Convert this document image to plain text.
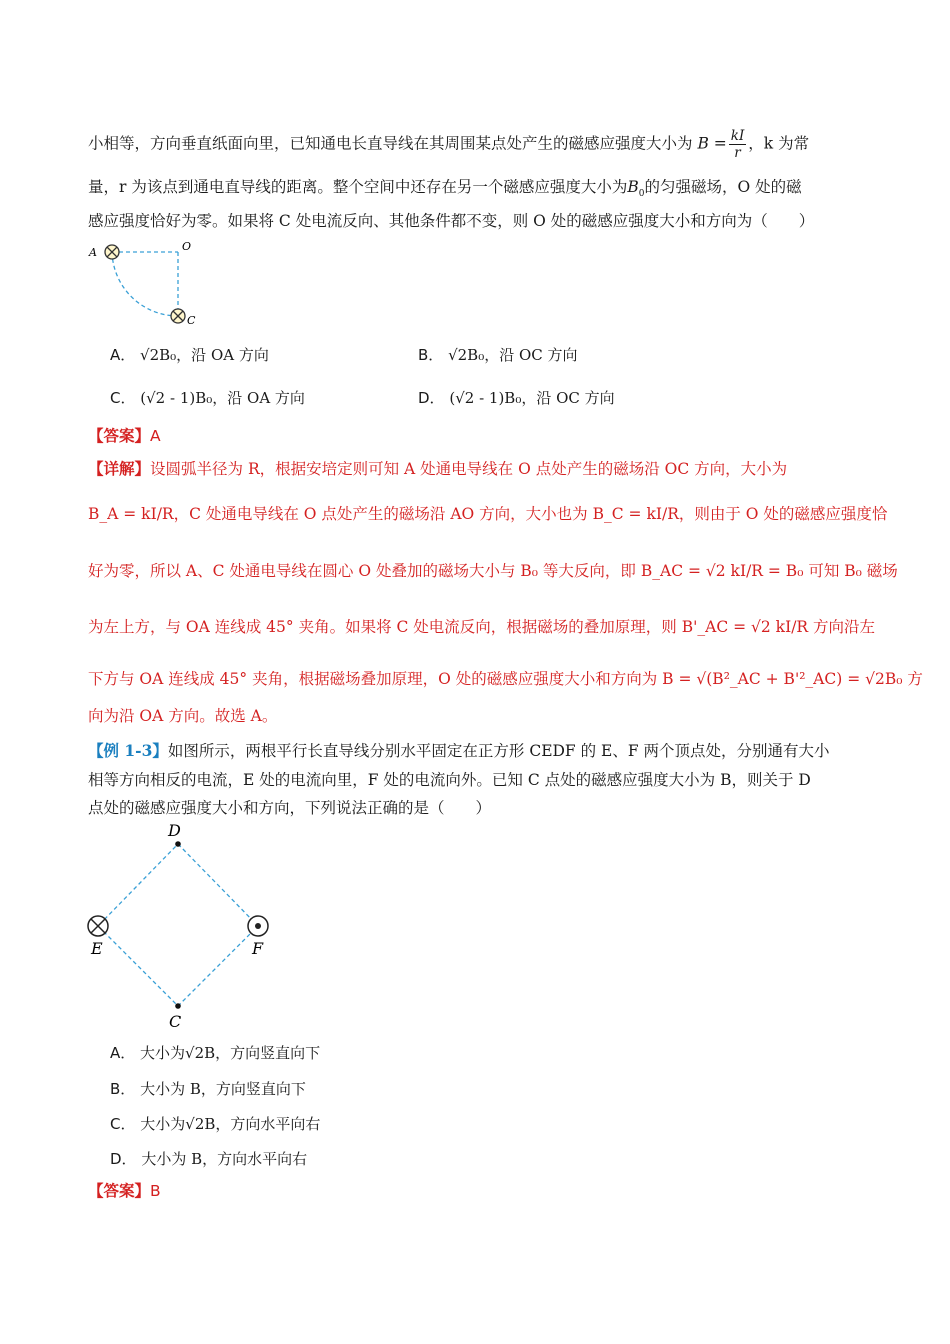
小相等，方向垂直纸面向里，已知通电长直导线在其周围某点处产生的磁感应强度大小为 $B = \frac{kI}{r}$ ，k 为常
量，r 为该点到通电直导线的距离。整个空间中还存在另一个磁感应强度大小为$B_0$的匀强磁场，O 处的磁
感应强度恰好为零。如果将 C 处电流反向、其他条件都不变，则 O 处的磁感应强度大小和方向为（　　）
A	O
C
A． √2B₀，沿 OA 方向	B． √2B₀，沿 OC 方向
C． (√2 - 1)B₀，沿 OA 方向	D． (√2 - 1)B₀，沿 OC 方向
【答案】A
【详解】设圆弧半径为 R，根据安培定则可知 A 处通电导线在 O 点处产生的磁场沿 OC 方向，大小为
B_A = kI/R，C 处通电导线在 O 点处产生的磁场沿 AO 方向，大小也为 B_C = kI/R，则由于 O 处的磁感应强度恰
好为零，所以 A、C 处通电导线在圆心 O 处叠加的磁场大小与 B₀ 等大反向，即 B_AC = √2 kI/R = B₀ 可知 B₀ 磁场
为左上方，与 OA 连线成 45° 夹角。如果将 C 处电流反向，根据磁场的叠加原理，则 B'_AC = √2 kI/R 方向沿左
下方与 OA 连线成 45° 夹角，根据磁场叠加原理，O 处的磁感应强度大小和方向为 B = √(B²_AC + B'²_AC) = √2B₀ 方
向为沿 OA 方向。故选 A。
【例 1-3】如图所示，两根平行长直导线分别水平固定在正方形 CEDF 的 E、F 两个顶点处，分别通有大小
相等方向相反的电流，E 处的电流向里，F 处的电流向外。已知 C 点处的磁感应强度大小为 B，则关于 D
点处的磁感应强度大小和方向，下列说法正确的是（　　）
D
E	F
C
A． 大小为√2B，方向竖直向下
B． 大小为 B，方向竖直向下
C． 大小为√2B，方向水平向右
D． 大小为 B，方向水平向右
【答案】B
